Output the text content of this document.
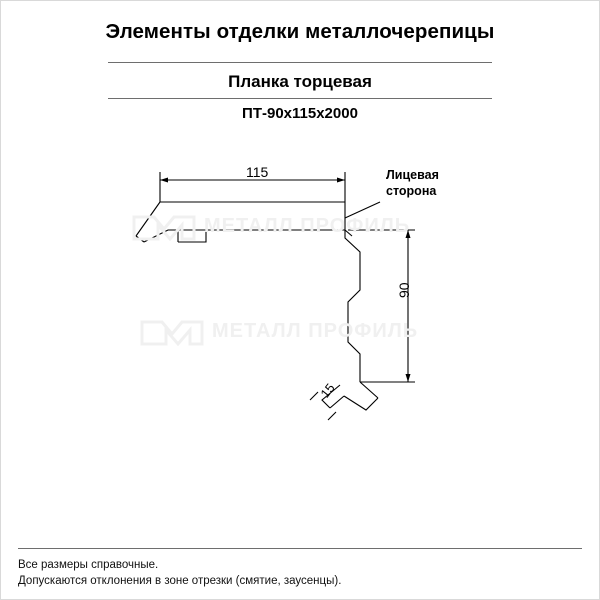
Элементы отделки металлочерепицы
Планка торцевая
ПТ-90х115х2000
МЕТАЛЛ ПРОФИЛЬ
МЕТАЛЛ ПРОФИЛЬ
115
90
15
Лицевая
сторона
Все размеры справочные.
Допускаются отклонения в зоне отрезки (смятие, заусенцы).
